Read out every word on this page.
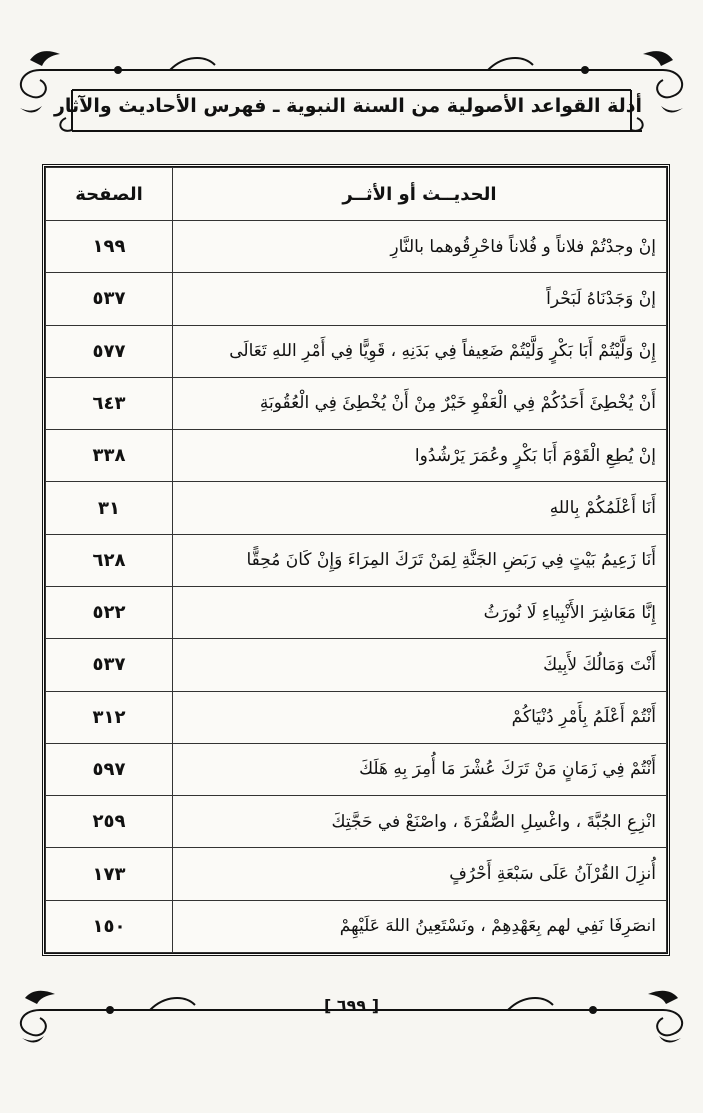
أدلة القواعد الأصولية من السنة النبوية ـ فهرس الأحاديث والآثار
الحديــث أو الأثــر	الصفحة
إنْ وجدْتُمْ فلاناً و فُلاناً فاحْرِقُوهما بالنَّارِ	١٩٩
إنْ وَجَدْنَاهُ لَبَحْراً	٥٣٧
إِنْ وَلَّيْتُمْ أَبَا بَكْرٍ وَلَّيْتُمْ ضَعِيفاً فِي بَدَنِهِ ، قَوِيًّا فِي أَمْرِ اللهِ تَعَالَى	٥٧٧
أَنْ يُخْطِئَ أَحَدُكُمْ فِي الْعَفْوِ خَيْرٌ مِنْ أَنْ يُخْطِئَ فِي الْعُقُوبَةِ	٦٤٣
إنْ يُطِعِ الْقَوْمَ أَبَا بَكْرٍ وعُمَرَ يَرْشُدُوا	٣٣٨
أَنَا أَعْلَمُكُمْ بِاللهِ	٣١
أَنَا زَعِيمُ بَيْتٍ فِي رَبَضِ الجَنَّةِ لِمَنْ تَرَكَ المِرَاءَ وَإِنْ كَانَ مُحِقًّا	٦٢٨
إِنَّا مَعَاشِرَ الأَنْبِياءِ لَا نُورَثُ	٥٢٢
أَنْتَ وَمَالُكَ لأَبِيكَ	٥٣٧
أَنْتُمْ أَعْلَمُ بِأَمْرِ دُنْيَاكُمْ	٣١٢
أَنْتُمْ فِي زَمَانٍ مَنْ تَرَكَ عُشْرَ مَا أُمِرَ بِهِ هَلَكَ	٥٩٧
انْزِعِ الجُبَّةَ ، واغْسِلِ الصُّفْرَةَ ، واصْنَعْ في حَجَّتِكَ	٢٥٩
أُنزِلَ القُرْآنُ عَلَى سَبْعَةِ أَحْرُفٍ	١٧٣
انصَرِفَا نَفِي لهم بِعَهْدِهِمْ ، ونَسْتَعِينُ اللهَ عَلَيْهِمْ	١٥٠
[ ٦٩٩ ]
